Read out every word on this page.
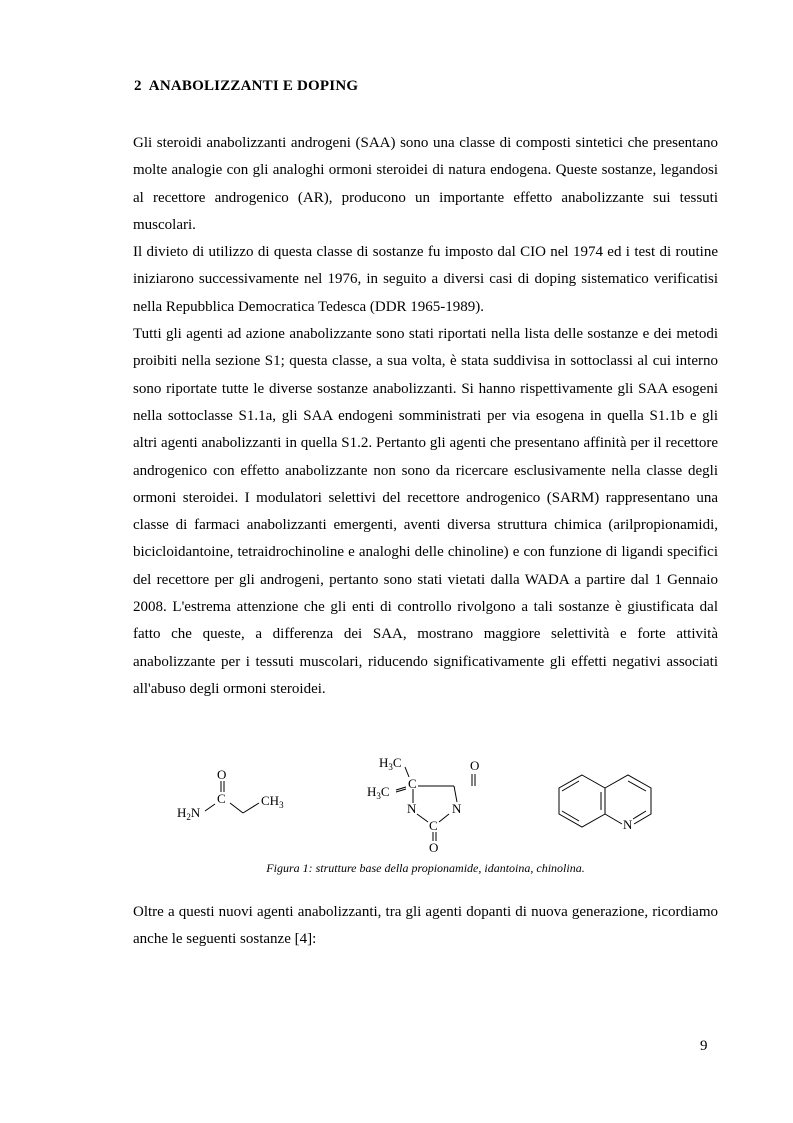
2 ANABOLIZZANTI E DOPING

Gli steroidi anabolizzanti androgeni (SAA) sono una classe di composti sintetici che presentano molte analogie con gli analoghi ormoni steroidei di natura endogena. Queste sostanze, legandosi al recettore androgenico (AR), producono un importante effetto anabolizzante sui tessuti muscolari.

Il divieto di utilizzo di questa classe di sostanze fu imposto dal CIO nel 1974 ed i test di routine iniziarono successivamente nel 1976, in seguito a diversi casi di doping sistematico verificatisi nella Repubblica Democratica Tedesca (DDR 1965-1989).

Tutti gli agenti ad azione anabolizzante sono stati riportati nella lista delle sostanze e dei metodi proibiti nella sezione S1; questa classe, a sua volta, è stata suddivisa in sottoclassi al cui interno sono riportate tutte le diverse sostanze anabolizzanti. Si hanno rispettivamente gli SAA esogeni nella sottoclasse S1.1a, gli SAA endogeni somministrati per via esogena in quella S1.1b e gli altri agenti anabolizzanti in quella S1.2. Pertanto gli agenti che presentano affinità per il recettore androgenico con effetto anabolizzante non sono da ricercare esclusivamente nella classe degli ormoni steroidei. I modulatori selettivi del recettore androgenico (SARM) rappresentano una classe di farmaci anabolizzanti emergenti, aventi diversa struttura chimica (arilpropionamidi, bicicloidantoine, tetraidrochinoline e analoghi delle chinoline) e con funzione di ligandi specifici del recettore per gli androgeni, pertanto sono stati vietati dalla WADA a partire dal 1 Gennaio 2008. L'estrema attenzione che gli enti di controllo rivolgono a tali sostanze è giustificata dal fatto che queste, a differenza dei SAA, mostrano maggiore selettività e forte attività anabolizzante per i tessuti muscolari, riducendo significativamente gli effetti negativi associati all'abuso degli ormoni steroidei.

O
C
$H_2N$
$CH_3$
$H_3C$
$H_3C$
C
O
N	N
C
O
N
Figura 1: strutture base della propionamide, idantoina, chinolina.

Oltre a questi nuovi agenti anabolizzanti, tra gli agenti dopanti di nuova generazione, ricordiamo anche le seguenti sostanze [4]:

9
